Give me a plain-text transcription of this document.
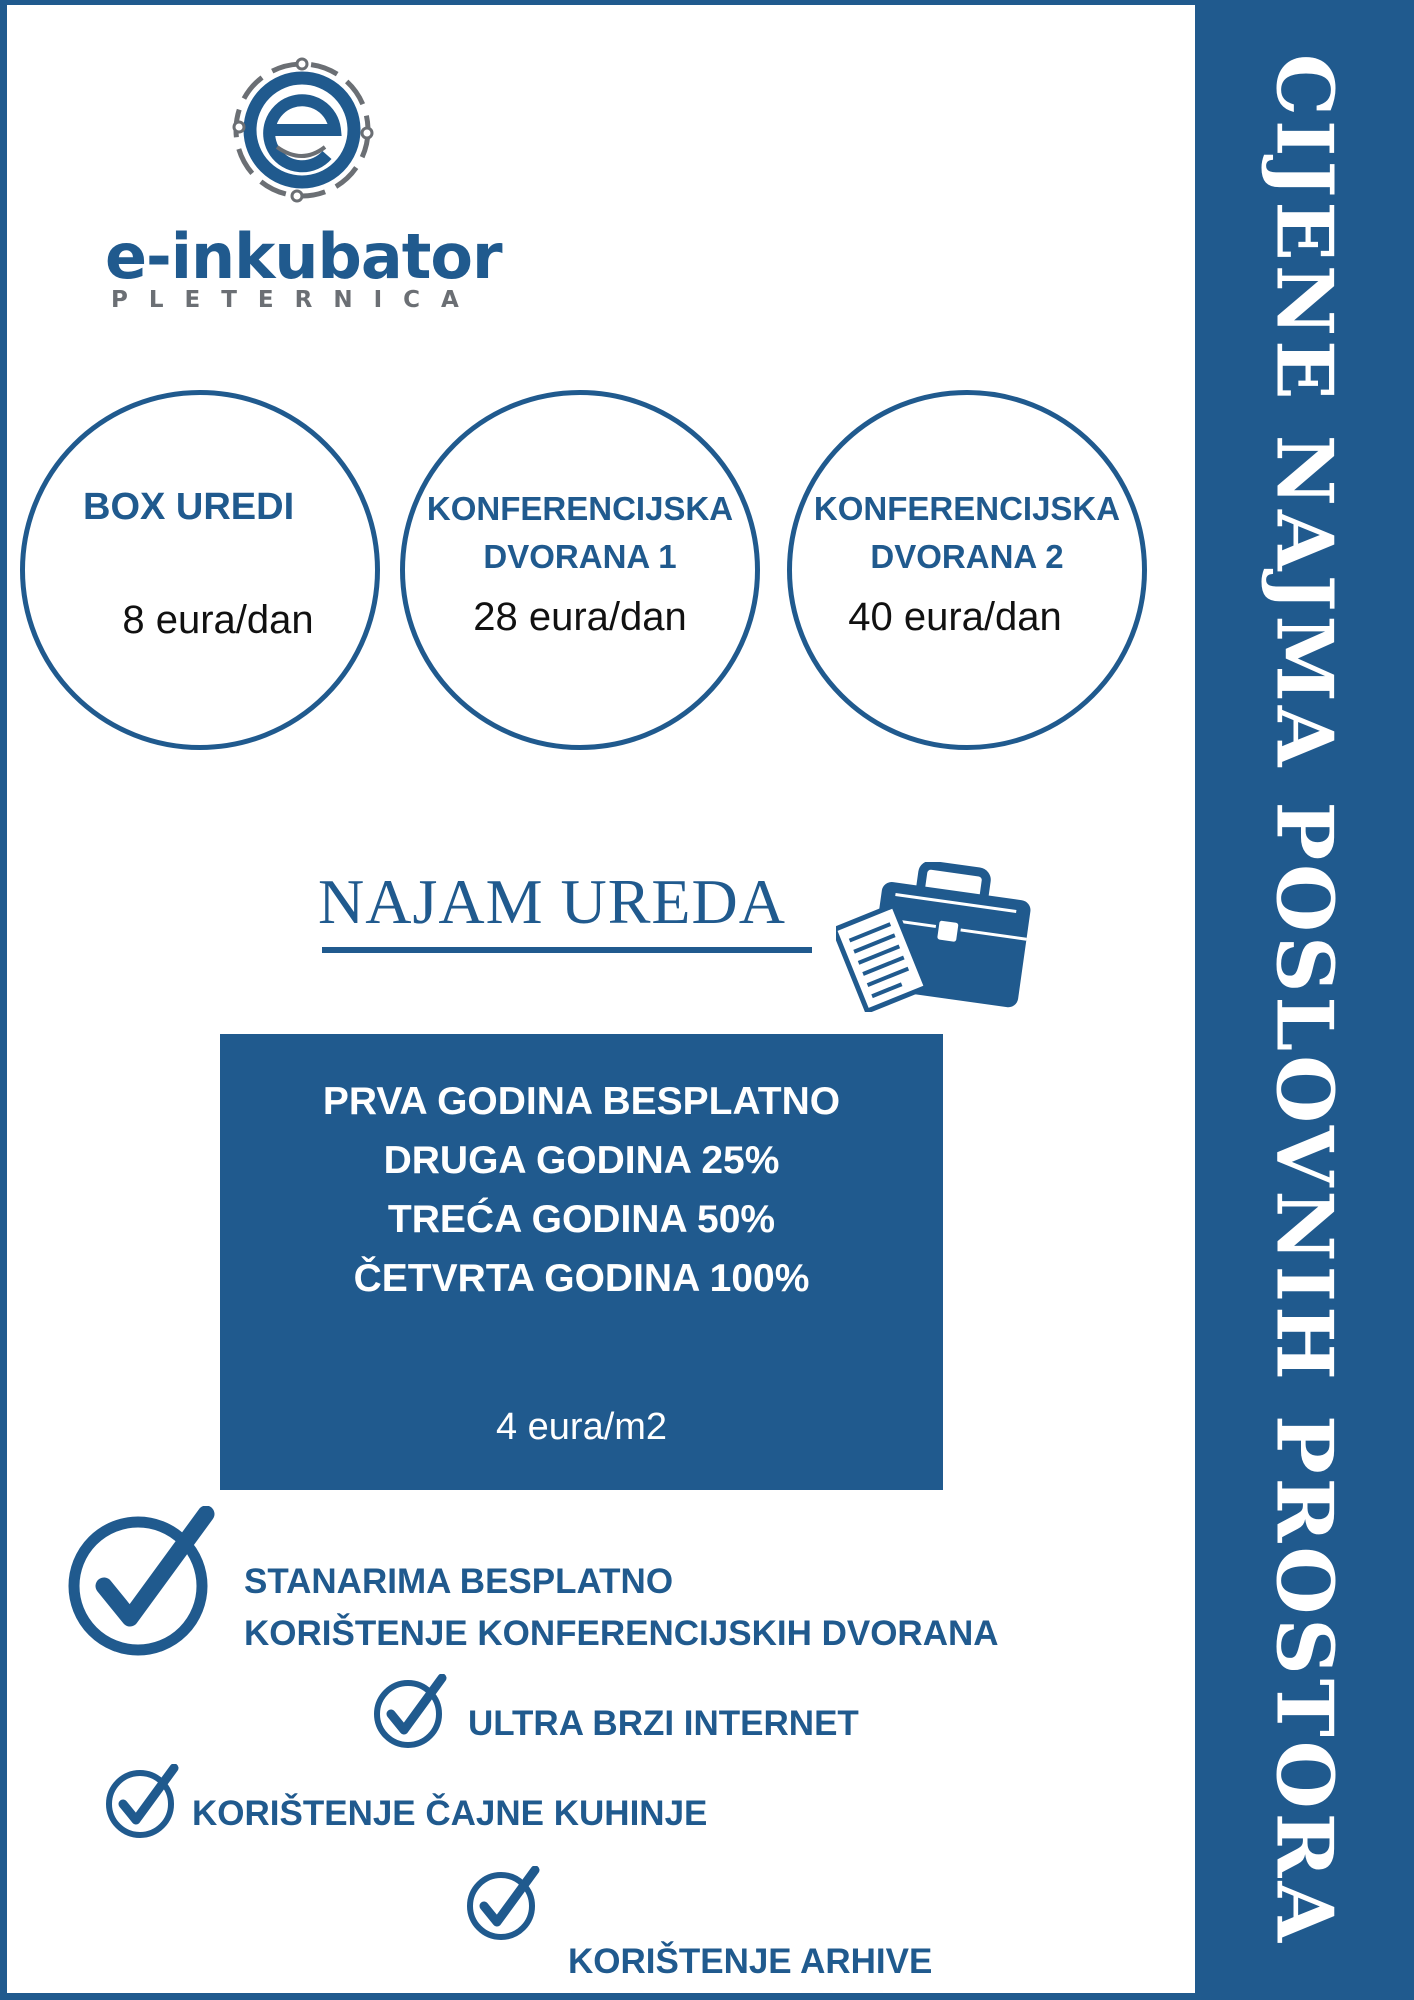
CIJENE NAJMA POSLOVNIH PROSTORA
e-inkubator
PLETERNICA
BOX UREDI
8 eura/dan
KONFERENCIJSKA
DVORANA 1
28 eura/dan
KONFERENCIJSKA
DVORANA 2
40 eura/dan
NAJAM UREDA
PRVA GODINA BESPLATNO
DRUGA GODINA 25%
TREĆA GODINA 50%
ČETVRTA GODINA 100%
4 eura/m2
STANARIMA BESPLATNO
KORIŠTENJE KONFERENCIJSKIH DVORANA
ULTRA BRZI INTERNET
KORIŠTENJE ČAJNE KUHINJE
KORIŠTENJE ARHIVE
